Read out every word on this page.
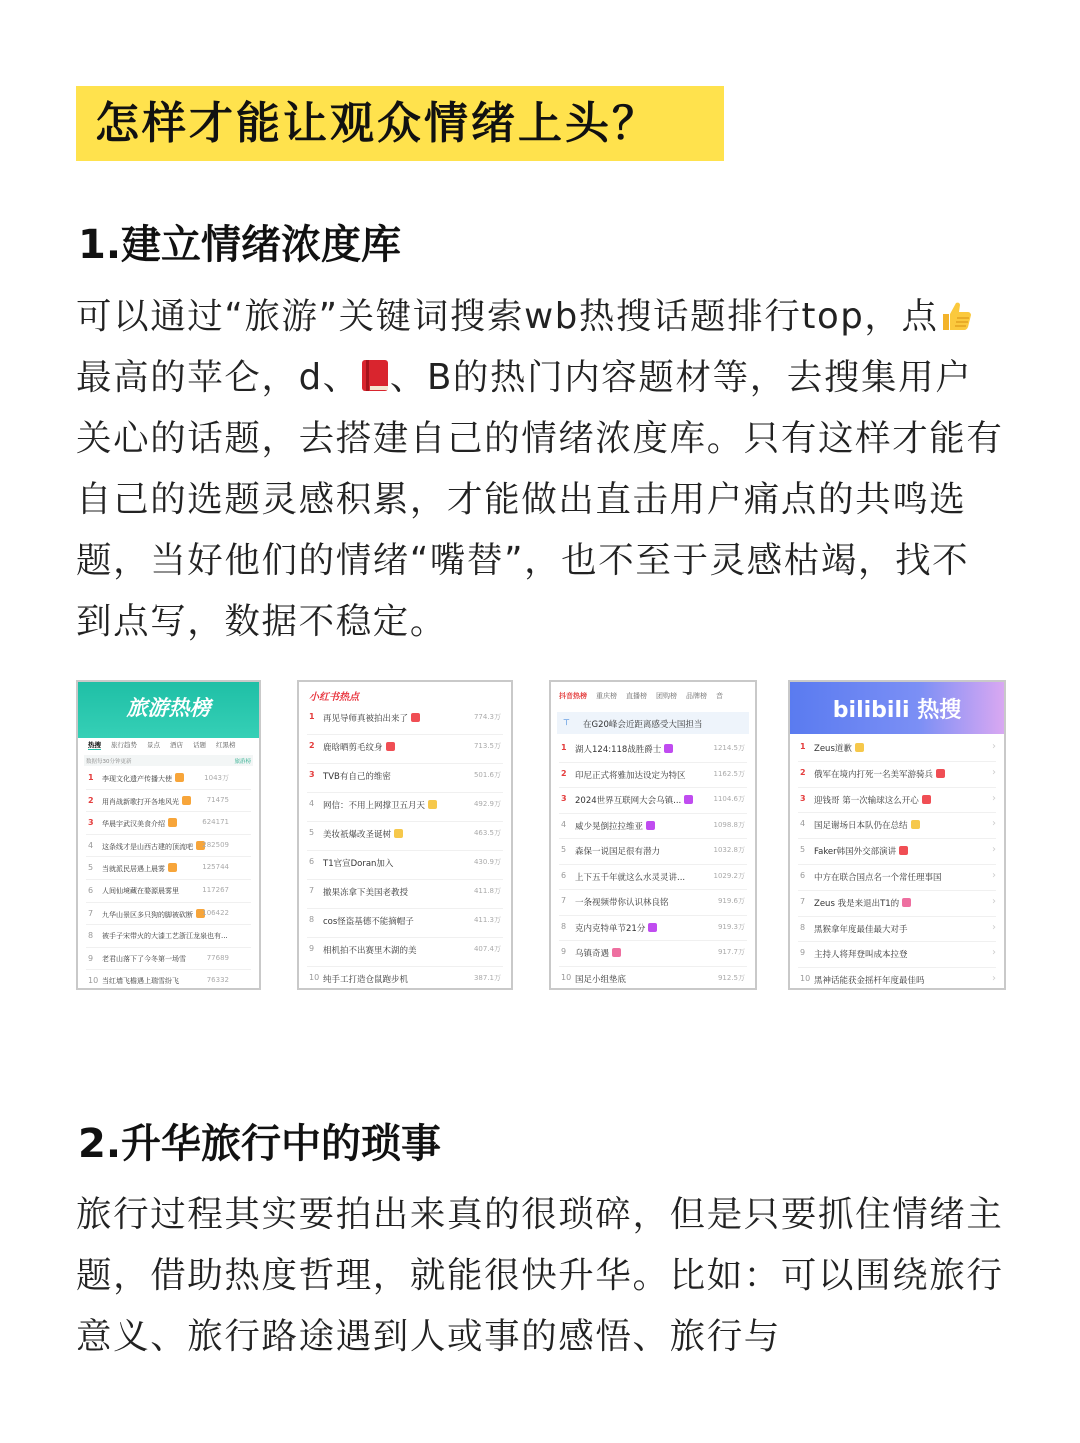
怎样才能让观众情绪上头？
1.建立情绪浓度库
可以通过“旅游”关键词搜索wb热搜话题排行top，点最高的苹仑，d、 、B的热门内容题材等，去搜集用户关心的话题，去搭建自己的情绪浓度库。只有这样才能有自己的选题灵感积累，才能做出直击用户痛点的共鸣选题，当好他们的情绪“嘴替”，也不至于灵感枯竭，找不到点写，数据不稳定。
旅游热榜
热搜 旅行趋势 景点 酒店 话题 红黑榜
数据每30分钟更新	旅游榜
1	李现文化遗产传播大使	1043万
2	用肖战新歌打开各地风光	71475
3	华晨宇武汉美食介绍	624171
4	这条线才是山西古建的顶流吧	282509
5	当就派民居遇上晨雾	125744
6	人间仙境藏在婺源晨雾里	117267
7	九华山景区多只狗的脚被砍断	106422
8	被手子宋带火的大漆工艺浙江龙泉也有...
9	老君山落下了今冬第一场雪	77689
10 当红墙飞檐遇上瑞雪纷飞	76332
小红书热点
1 再见导师真被拍出来了	774.3万
2 鹿晗晒剪毛纹身	713.5万
3 TVB有自己的维密	501.6万
4	网信：不用上网撑卫五月天	492.9万
5	美妆祇爆改圣诞树	463.5万
6	T1官宣Doran加入	430.9万
7	撤果冻拿下美国老教授	411.8万
8	cos怪盗基德不能摘帽子	411.3万
9	相机拍不出赛里木湖的美	407.4万
10 纯手工打造仓鼠跑步机	387.1万
抖音热榜 重庆榜 直播榜 团购榜 品牌榜 音
⊤ 在G20峰会近距离感受大国担当
1 湖人124:118战胜爵士	1214.5万
2 印尼正式将雅加达设定为特区	1162.5万
3 2024世界互联网大会乌镇...	1104.6万
4	威少晃倒拉拉维亚	1098.8万
5	森保一说国足很有潜力	1032.8万
6	上下五千年就这么水灵灵讲...	1029.2万
7	一条视频带你认识林良铭	919.6万
8	克内克特单节21分	919.3万
9	乌镇奇遇	917.7万
10 国足小组垫底	912.5万
bilibili 热搜
1 Zeus道歉	›
2 俄军在境内打死一名美军游骑兵	›
3 迎钱哥 第一次输球这么开心	›
4	国足谢场日本队仍在总结	›
5	Faker韩国外交部演讲	›
6	中方在联合国点名一个常任理事国	›
7	Zeus 我是来退出T1的	›
8	黑猴拿年度最佳最大对手	›
9	主持人将拜登叫成本拉登	›
10 黑神话能获金摇杆年度最佳吗	›
2.升华旅行中的琐事
旅行过程其实要拍出来真的很琐碎，但是只要抓住情绪主题，借助热度哲理，就能很快升华。比如：可以围绕旅行意义、旅行路途遇到人或事的感悟、旅行与
